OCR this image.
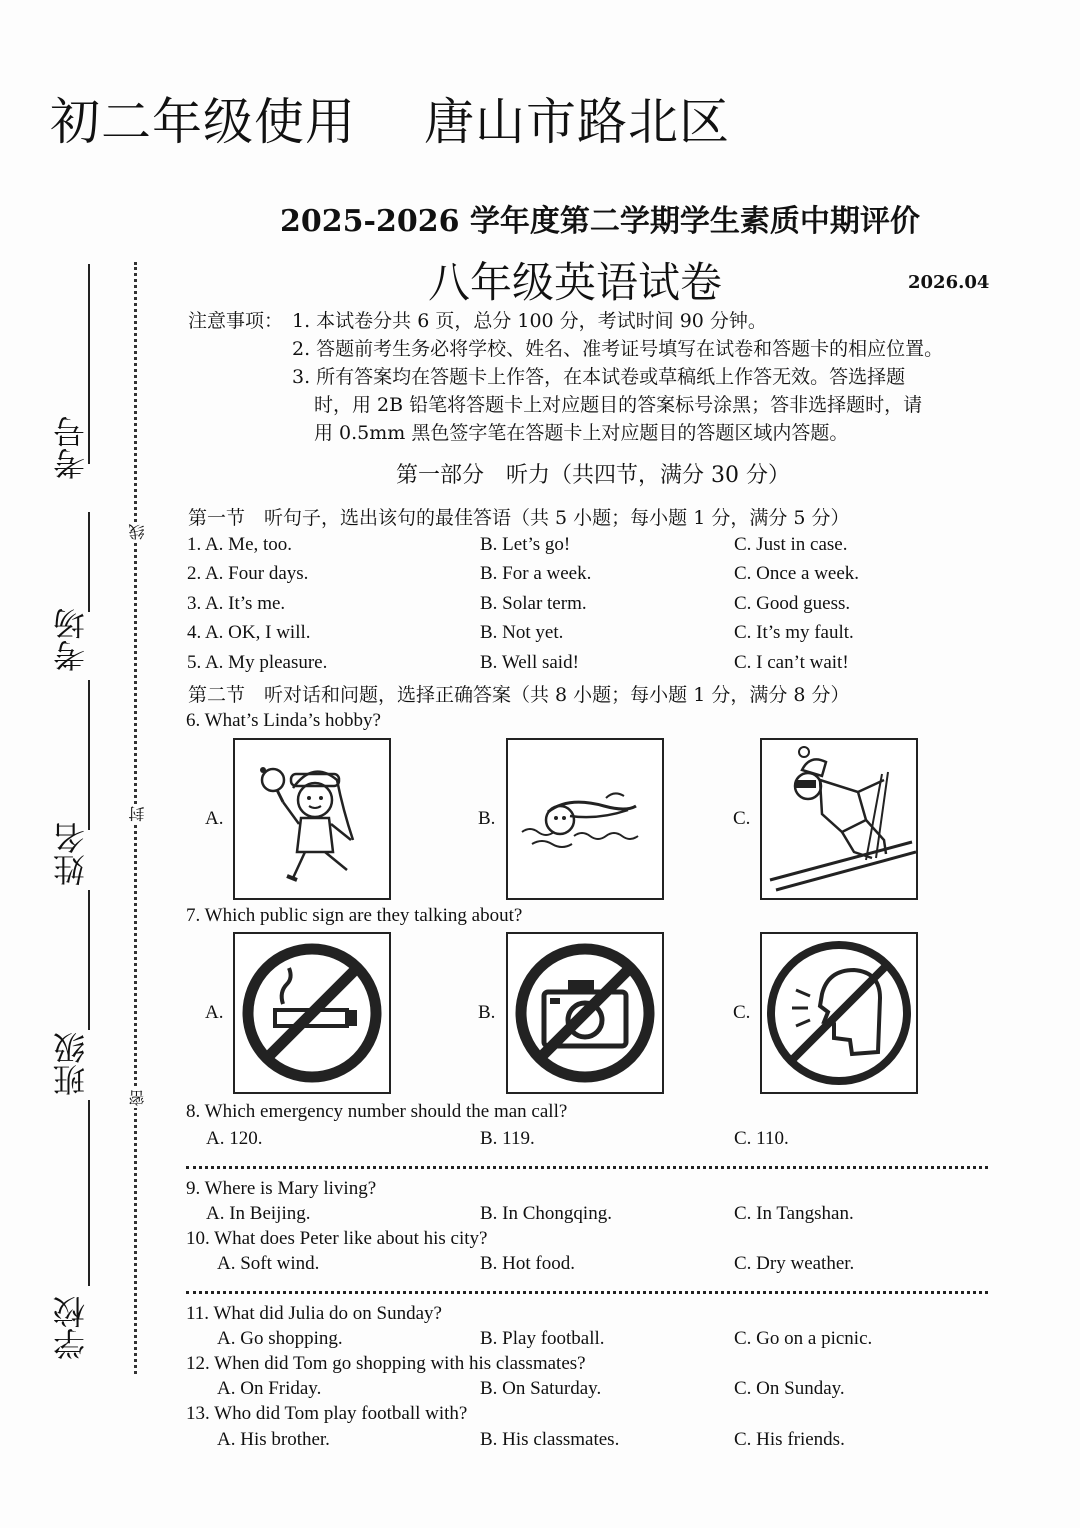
考号
考场
姓名
班级
学校
线
封
密
初二年级使用 唐山市路北区
2025-2026 学年度第二学期学生素质中期评价
八年级英语试卷	2026.04
注意事项： 1. 本试卷分共 6 页，总分 100 分，考试时间 90 分钟。
2. 答题前考生务必将学校、姓名、准考证号填写在试卷和答题卡的相应位置。
3. 所有答案均在答题卡上作答，在本试卷或草稿纸上作答无效。答选择题
时，用 2B 铅笔将答题卡上对应题目的答案标号涂黑；答非选择题时，请
用 0.5mm 黑色签字笔在答题卡上对应题目的答题区域内答题。
第一部分　听力（共四节，满分 30 分）
第一节　听句子，选出该句的最佳答语（共 5 小题；每小题 1 分，满分 5 分）
1. A. Me, too.	B. Let’s go!	C. Just in case.
2. A. Four days.	B. For a week.	C. Once a week.
3. A. It’s me.	B. Solar term.	C. Good guess.
4. A. OK, I will.	B. Not yet.	C. It’s my fault.
5. A. My pleasure.	B. Well said!	C. I can’t wait!
第二节　听对话和问题，选择正确答案（共 8 小题；每小题 1 分，满分 8 分）
6. What’s Linda’s hobby?
A.	B.	C.
7. Which public sign are they talking about?
A.	B.	C.
8. Which emergency number should the man call?
A. 120.	B. 119.	C. 110.
9. Where is Mary living?
A. In Beijing.	B. In Chongqing.	C. In Tangshan.
10. What does Peter like about his city?
A. Soft wind.	B. Hot food.	C. Dry weather.
11. What did Julia do on Sunday?
A. Go shopping.	B. Play football.	C. Go on a picnic.
12. When did Tom go shopping with his classmates?
A. On Friday.	B. On Saturday.	C. On Sunday.
13. Who did Tom play football with?
A. His brother.	B. His classmates.	C. His friends.
